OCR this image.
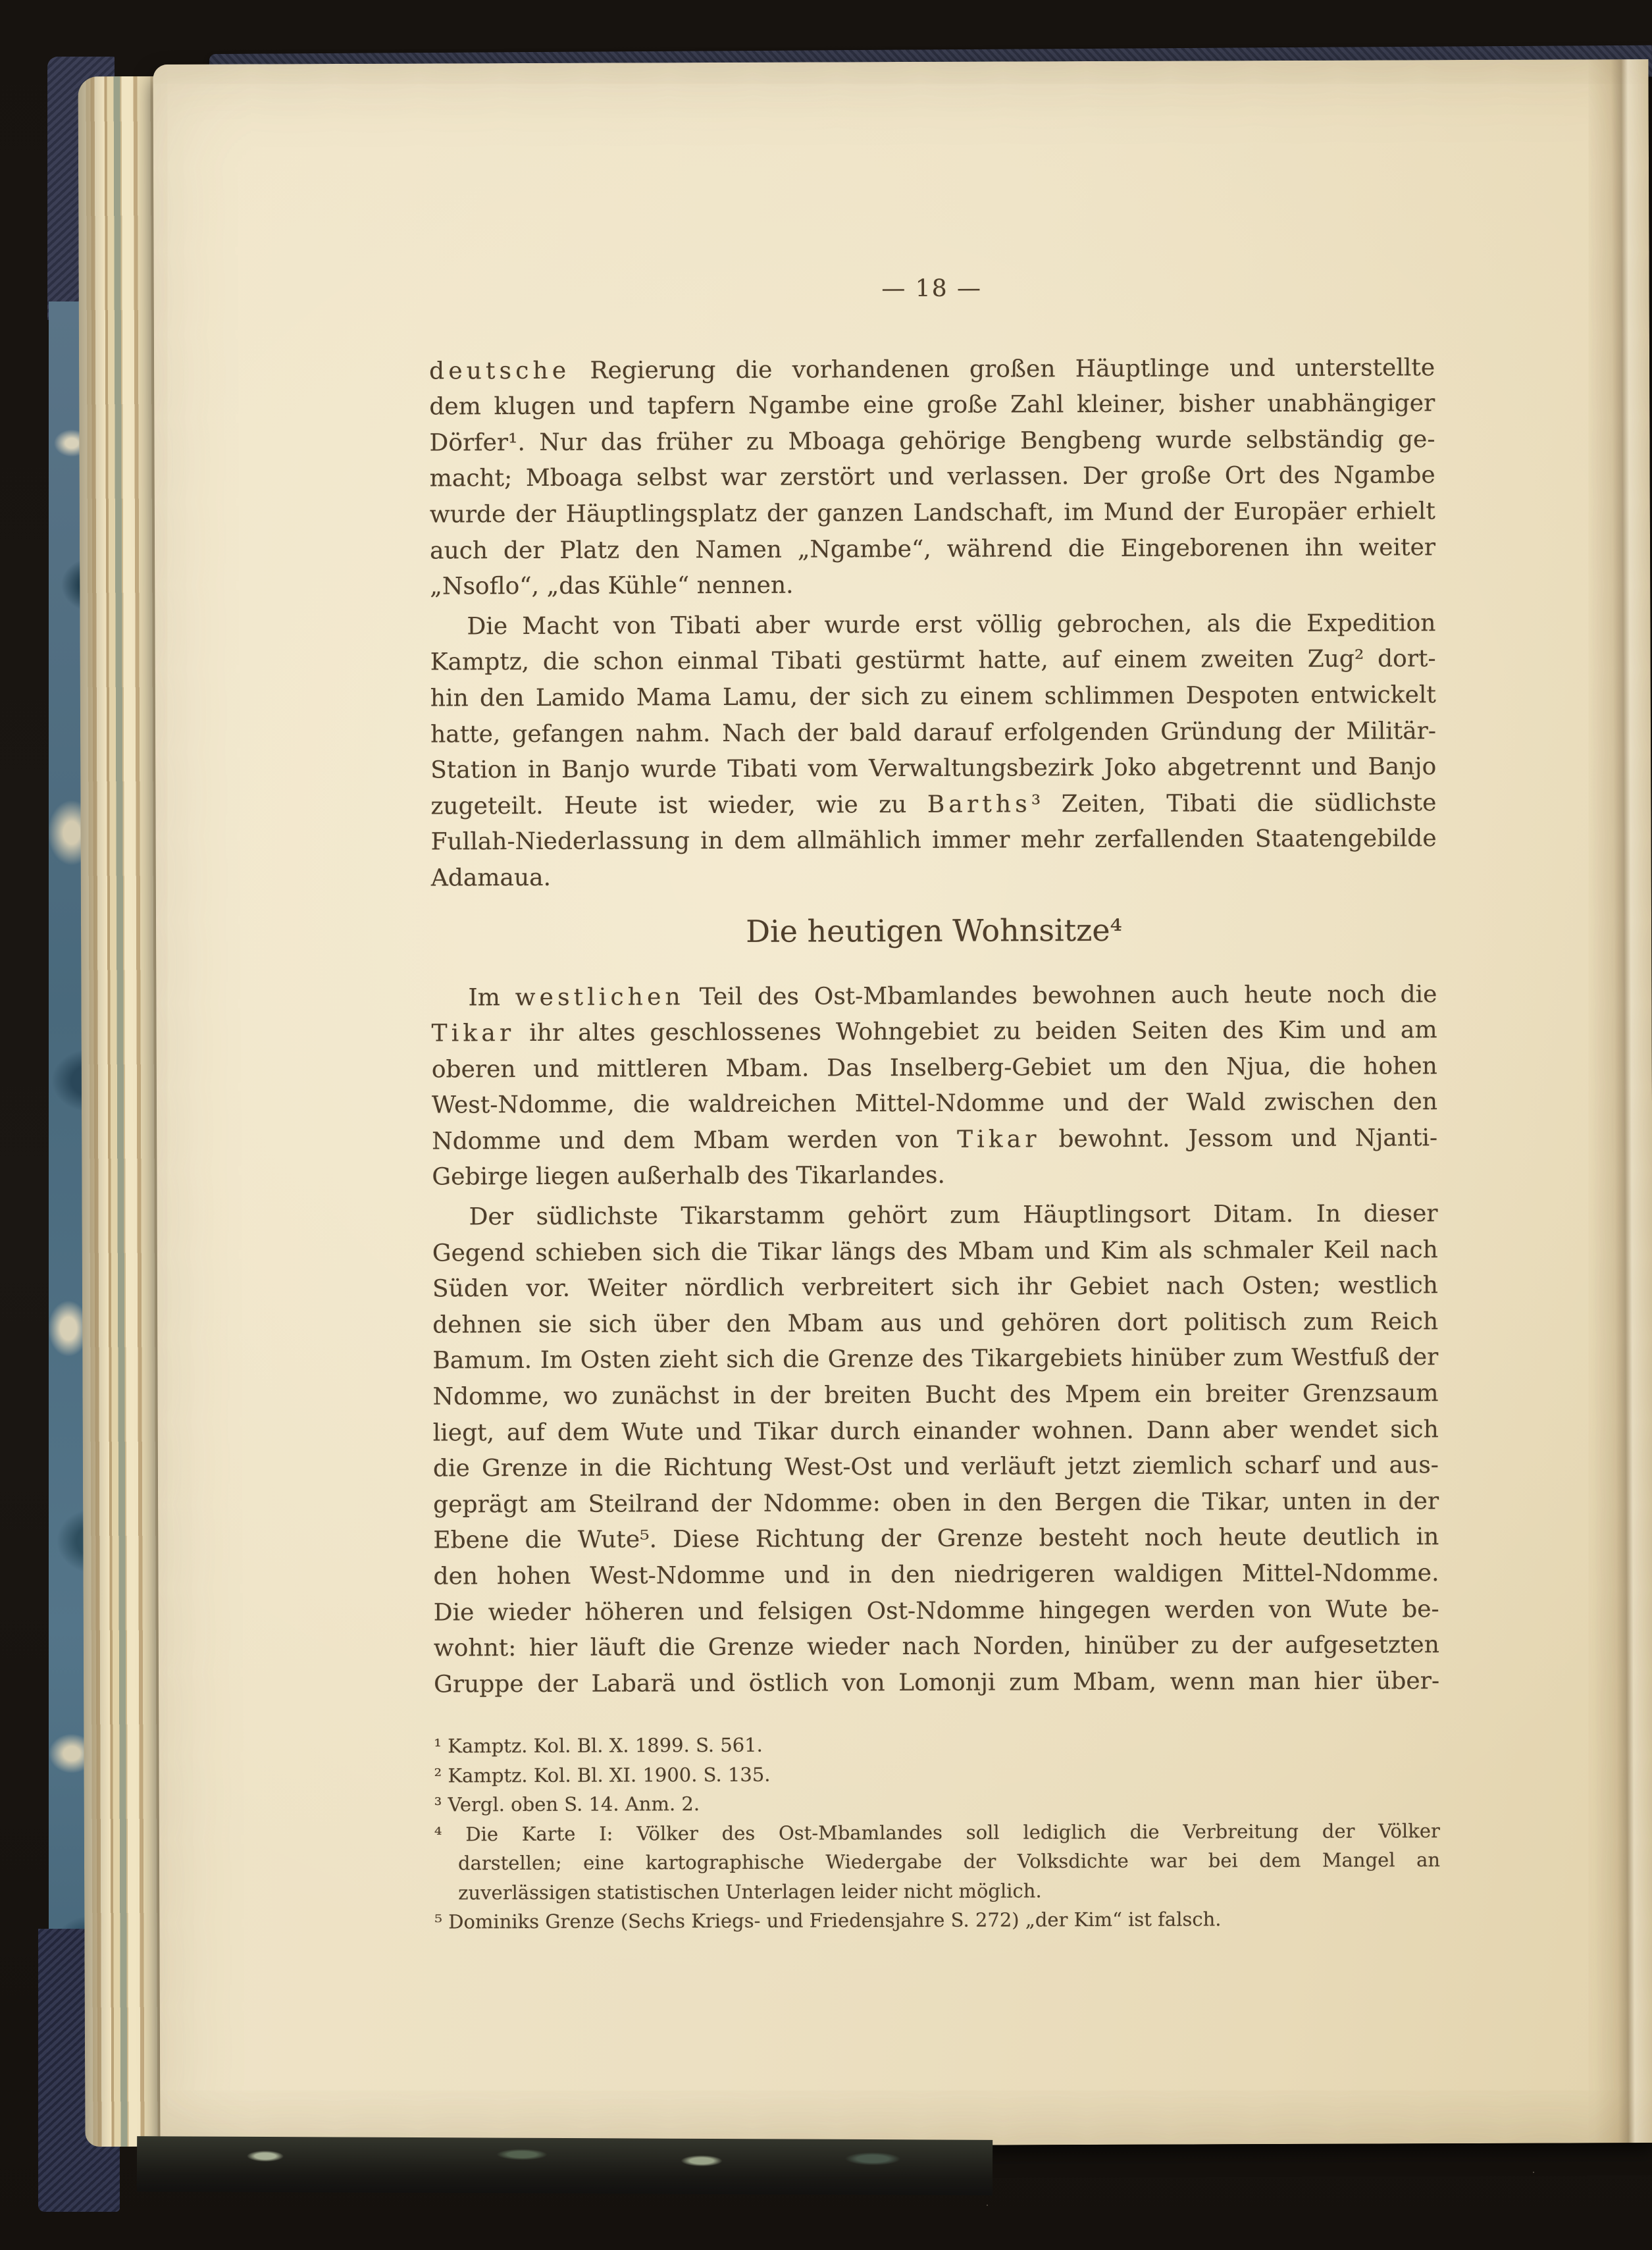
— 18 —
deutsche Regierung die vorhandenen großen Häuptlinge und unterstellte
dem klugen und tapfern Ngambe eine große Zahl kleiner, bisher unabhängiger
Dörfer¹. Nur das früher zu Mboaga gehörige Bengbeng wurde selbständig ge-
macht; Mboaga selbst war zerstört und verlassen. Der große Ort des Ngambe
wurde der Häuptlingsplatz der ganzen Landschaft, im Mund der Europäer erhielt
auch der Platz den Namen „Ngambe“, während die Eingeborenen ihn weiter
„Nsoflo“, „das Kühle“ nennen.
Die Macht von Tibati aber wurde erst völlig gebrochen, als die Expedition
Kamptz, die schon einmal Tibati gestürmt hatte, auf einem zweiten Zug² dort-
hin den Lamido Mama Lamu, der sich zu einem schlimmen Despoten entwickelt
hatte, gefangen nahm. Nach der bald darauf erfolgenden Gründung der Militär-
Station in Banjo wurde Tibati vom Verwaltungsbezirk Joko abgetrennt und Banjo
zugeteilt. Heute ist wieder, wie zu Barths³ Zeiten, Tibati die südlichste
Fullah-Niederlassung in dem allmählich immer mehr zerfallenden Staatengebilde
Adamaua.
Die heutigen Wohnsitze⁴
Im westlichen Teil des Ost-Mbamlandes bewohnen auch heute noch die
Tikar ihr altes geschlossenes Wohngebiet zu beiden Seiten des Kim und am
oberen und mittleren Mbam. Das Inselberg-Gebiet um den Njua, die hohen
West-Ndomme, die waldreichen Mittel-Ndomme und der Wald zwischen den
Ndomme und dem Mbam werden von Tikar bewohnt. Jessom und Njanti-
Gebirge liegen außerhalb des Tikarlandes.
Der südlichste Tikarstamm gehört zum Häuptlingsort Ditam. In dieser
Gegend schieben sich die Tikar längs des Mbam und Kim als schmaler Keil nach
Süden vor. Weiter nördlich verbreitert sich ihr Gebiet nach Osten; westlich
dehnen sie sich über den Mbam aus und gehören dort politisch zum Reich
Bamum. Im Osten zieht sich die Grenze des Tikargebiets hinüber zum Westfuß der
Ndomme, wo zunächst in der breiten Bucht des Mpem ein breiter Grenzsaum
liegt, auf dem Wute und Tikar durch einander wohnen. Dann aber wendet sich
die Grenze in die Richtung West-Ost und verläuft jetzt ziemlich scharf und aus-
geprägt am Steilrand der Ndomme: oben in den Bergen die Tikar, unten in der
Ebene die Wute⁵. Diese Richtung der Grenze besteht noch heute deutlich in
den hohen West-Ndomme und in den niedrigeren waldigen Mittel-Ndomme.
Die wieder höheren und felsigen Ost-Ndomme hingegen werden von Wute be-
wohnt: hier läuft die Grenze wieder nach Norden, hinüber zu der aufgesetzten
Gruppe der Labarä und östlich von Lomonji zum Mbam, wenn man hier über-
¹ Kamptz. Kol. Bl. X. 1899. S. 561.
² Kamptz. Kol. Bl. XI. 1900. S. 135.
³ Vergl. oben S. 14. Anm. 2.
⁴ Die Karte I: Völker des Ost-Mbamlandes soll lediglich die Verbreitung der Völker
darstellen; eine kartographische Wiedergabe der Volksdichte war bei dem Mangel an
zuverlässigen statistischen Unterlagen leider nicht möglich.
⁵ Dominiks Grenze (Sechs Kriegs- und Friedensjahre S. 272) „der Kim“ ist falsch.
